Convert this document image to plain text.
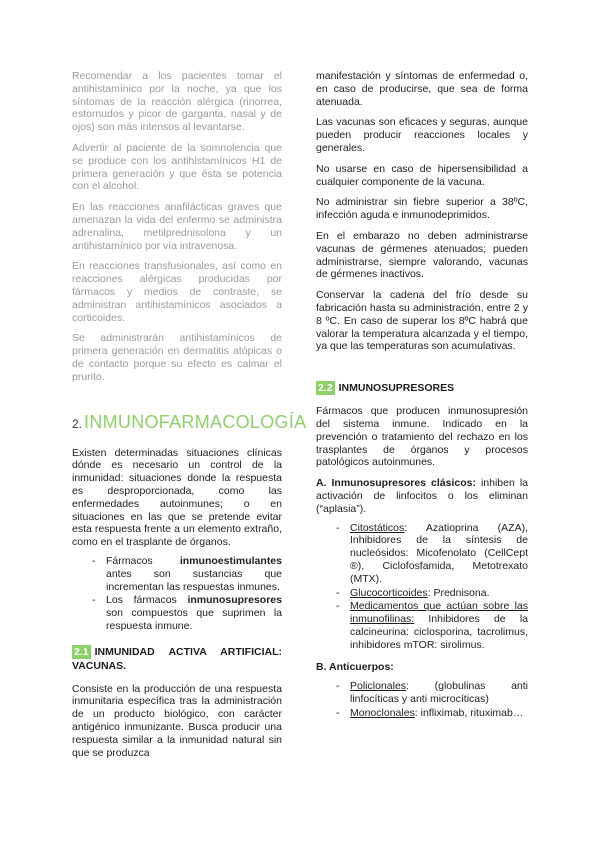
Recomendar a los pacientes tomar el antihistamínico por la noche, ya que los síntomas de la reacción alérgica (rinorrea, estornudos y picor de garganta, nasal y de ojos) son más intensos al levantarse.

Advertir al paciente de la somnolencia que se produce con los antihistamínicos H1 de primera generación y que ésta se potencia con el alcohol.

En las reacciones anafilácticas graves que amenazan la vida del enfermo se administra adrenalina, metilprednisolona y un antihistamínico por vía intravenosa.

En reacciones transfusionales, así como en reacciones alérgicas producidas por fármacos y medios de contraste, se administran antihistamínicos asociados a corticoides.

Se administrarán antihistamínicos de primera generación en dermatitis atópicas o de contacto porque su efecto es calmar el prurito.

2. INMUNOFARMACOLOGÍA

Existen determinadas situaciones clínicas dónde es necesario un control de la inmunidad: situaciones donde la respuesta es desproporcionada, como las enfermedades autoinmunes; o en situaciones en las que se pretende evitar esta respuesta frente a un elemento extraño, como en el trasplante de órganos.

- Fármacos inmunoestimulantes antes son sustancias que incrementan las respuestas inmunes.
- Los fármacos inmunosupresores son compuestos que suprimen la respuesta inmune.
2.1 INMUNIDAD ACTIVA ARTIFICIAL: VACUNAS.

Consiste en la producción de una respuesta inmunitaria específica tras la administración de un producto biológico, con carácter antigénico inmunizante. Busca producir una respuesta similar a la inmunidad natural sin que se produzca

manifestación y síntomas de enfermedad o, en caso de producirse, que sea de forma atenuada.

Las vacunas son eficaces y seguras, aunque pueden producir reacciones locales y generales.

No usarse en caso de hipersensibilidad a cualquier componente de la vacuna.

No administrar sin fiebre superior a 38ºC, infección aguda e inmunodeprimidos.

En el embarazo no deben administrarse vacunas de gérmenes atenuados; pueden administrarse, siempre valorando, vacunas de gérmenes inactivos.

Conservar la cadena del frío desde su fabricación hasta su administración, entre 2 y 8 ºC. En caso de superar los 8ºC habrá que valorar la temperatura alcanzada y el tiempo, ya que las temperaturas son acumulativas.

2.2 INMUNOSUPRESORES

Fármacos que producen inmunosupresión del sistema inmune. Indicado en la prevención o tratamiento del rechazo en los trasplantes de órganos y procesos patológicos autoinmunes.

A. Inmunosupresores clásicos: inhiben la activación de linfocitos o los eliminan (“aplasia”).

- Citostáticos: Azatioprina (AZA), Inhibidores de la síntesis de nucleósidos: Micofenolato (CellCept ®), Ciclofosfamida, Metotrexato (MTX).
- Glucocorticoides: Prednisona.
- Medicamentos que actúan sobre las inmunofilinas: Inhibidores de la calcineurina: ciclosporina, tacrolimus, inhibidores mTOR: sirolimus.
B. Anticuerpos:
- Policlonales: (globulinas anti linfocíticas y anti microcíticas)
- Monoclonales: infliximab, rituximab…
